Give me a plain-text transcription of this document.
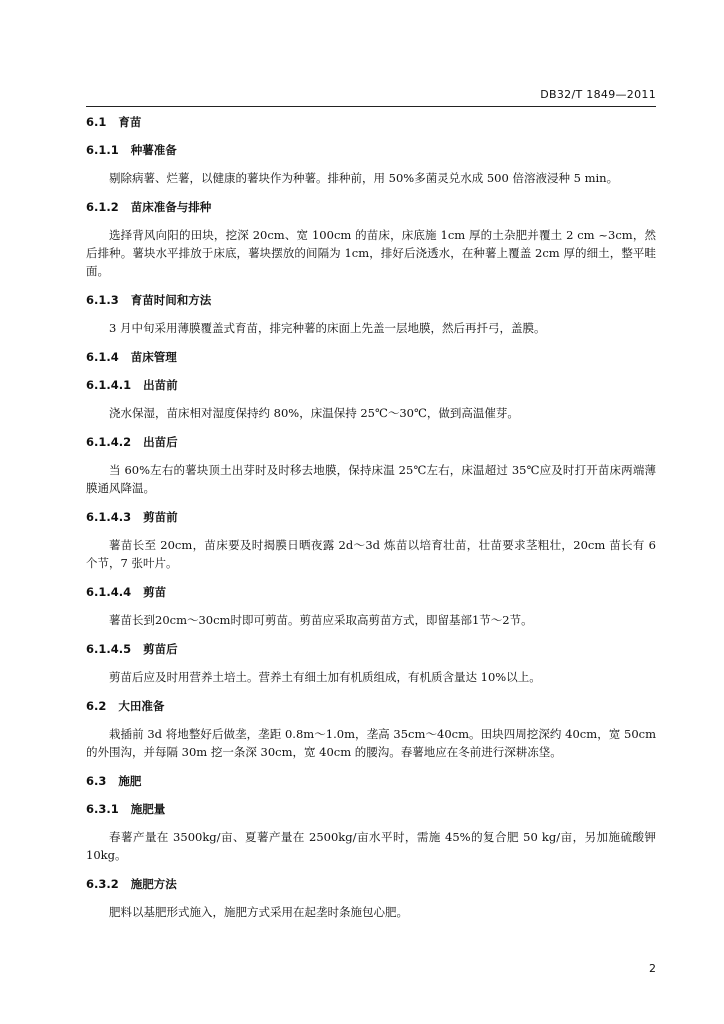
DB32/T 1849—2011
6.1 育苗
6.1.1 种薯准备

剔除病薯、烂薯，以健康的薯块作为种薯。排种前，用 50%多菌灵兑水成 500 倍溶液浸种 5 min。

6.1.2 苗床准备与排种

选择背风向阳的田块，挖深 20cm、宽 100cm 的苗床，床底施 1cm 厚的土杂肥并覆土 2 cm ~3cm，然后排种。薯块水平排放于床底，薯块摆放的间隔为 1cm，排好后浇透水，在种薯上覆盖 2cm 厚的细土，整平畦面。

6.1.3 育苗时间和方法

3 月中旬采用薄膜覆盖式育苗，排完种薯的床面上先盖一层地膜，然后再扦弓，盖膜。

6.1.4 苗床管理
6.1.4.1 出苗前

浇水保湿，苗床相对湿度保持约 80%，床温保持 25℃～30℃，做到高温催芽。

6.1.4.2 出苗后

当 60%左右的薯块顶土出芽时及时移去地膜，保持床温 25℃左右，床温超过 35℃应及时打开苗床两端薄膜通风降温。

6.1.4.3 剪苗前

薯苗长至 20cm，苗床要及时揭膜日晒夜露 2d～3d 炼苗以培育壮苗，壮苗要求茎粗壮，20cm 苗长有 6 个节，7 张叶片。

6.1.4.4 剪苗

薯苗长到20cm～30cm时即可剪苗。剪苗应采取高剪苗方式，即留基部1节～2节。

6.1.4.5 剪苗后

剪苗后应及时用营养土培土。营养土有细土加有机质组成，有机质含量达 10%以上。

6.2 大田准备

栽插前 3d 将地整好后做垄，垄距 0.8m～1.0m，垄高 35cm～40cm。田块四周挖深约 40cm，宽 50cm 的外围沟，并每隔 30m 挖一条深 30cm，宽 40cm 的腰沟。春薯地应在冬前进行深耕冻垡。

6.3 施肥
6.3.1 施肥量

春薯产量在 3500kg/亩、夏薯产量在 2500kg/亩水平时，需施 45%的复合肥 50 kg/亩，另加施硫酸钾 10kg。

6.3.2 施肥方法

肥料以基肥形式施入，施肥方式采用在起垄时条施包心肥。

2
